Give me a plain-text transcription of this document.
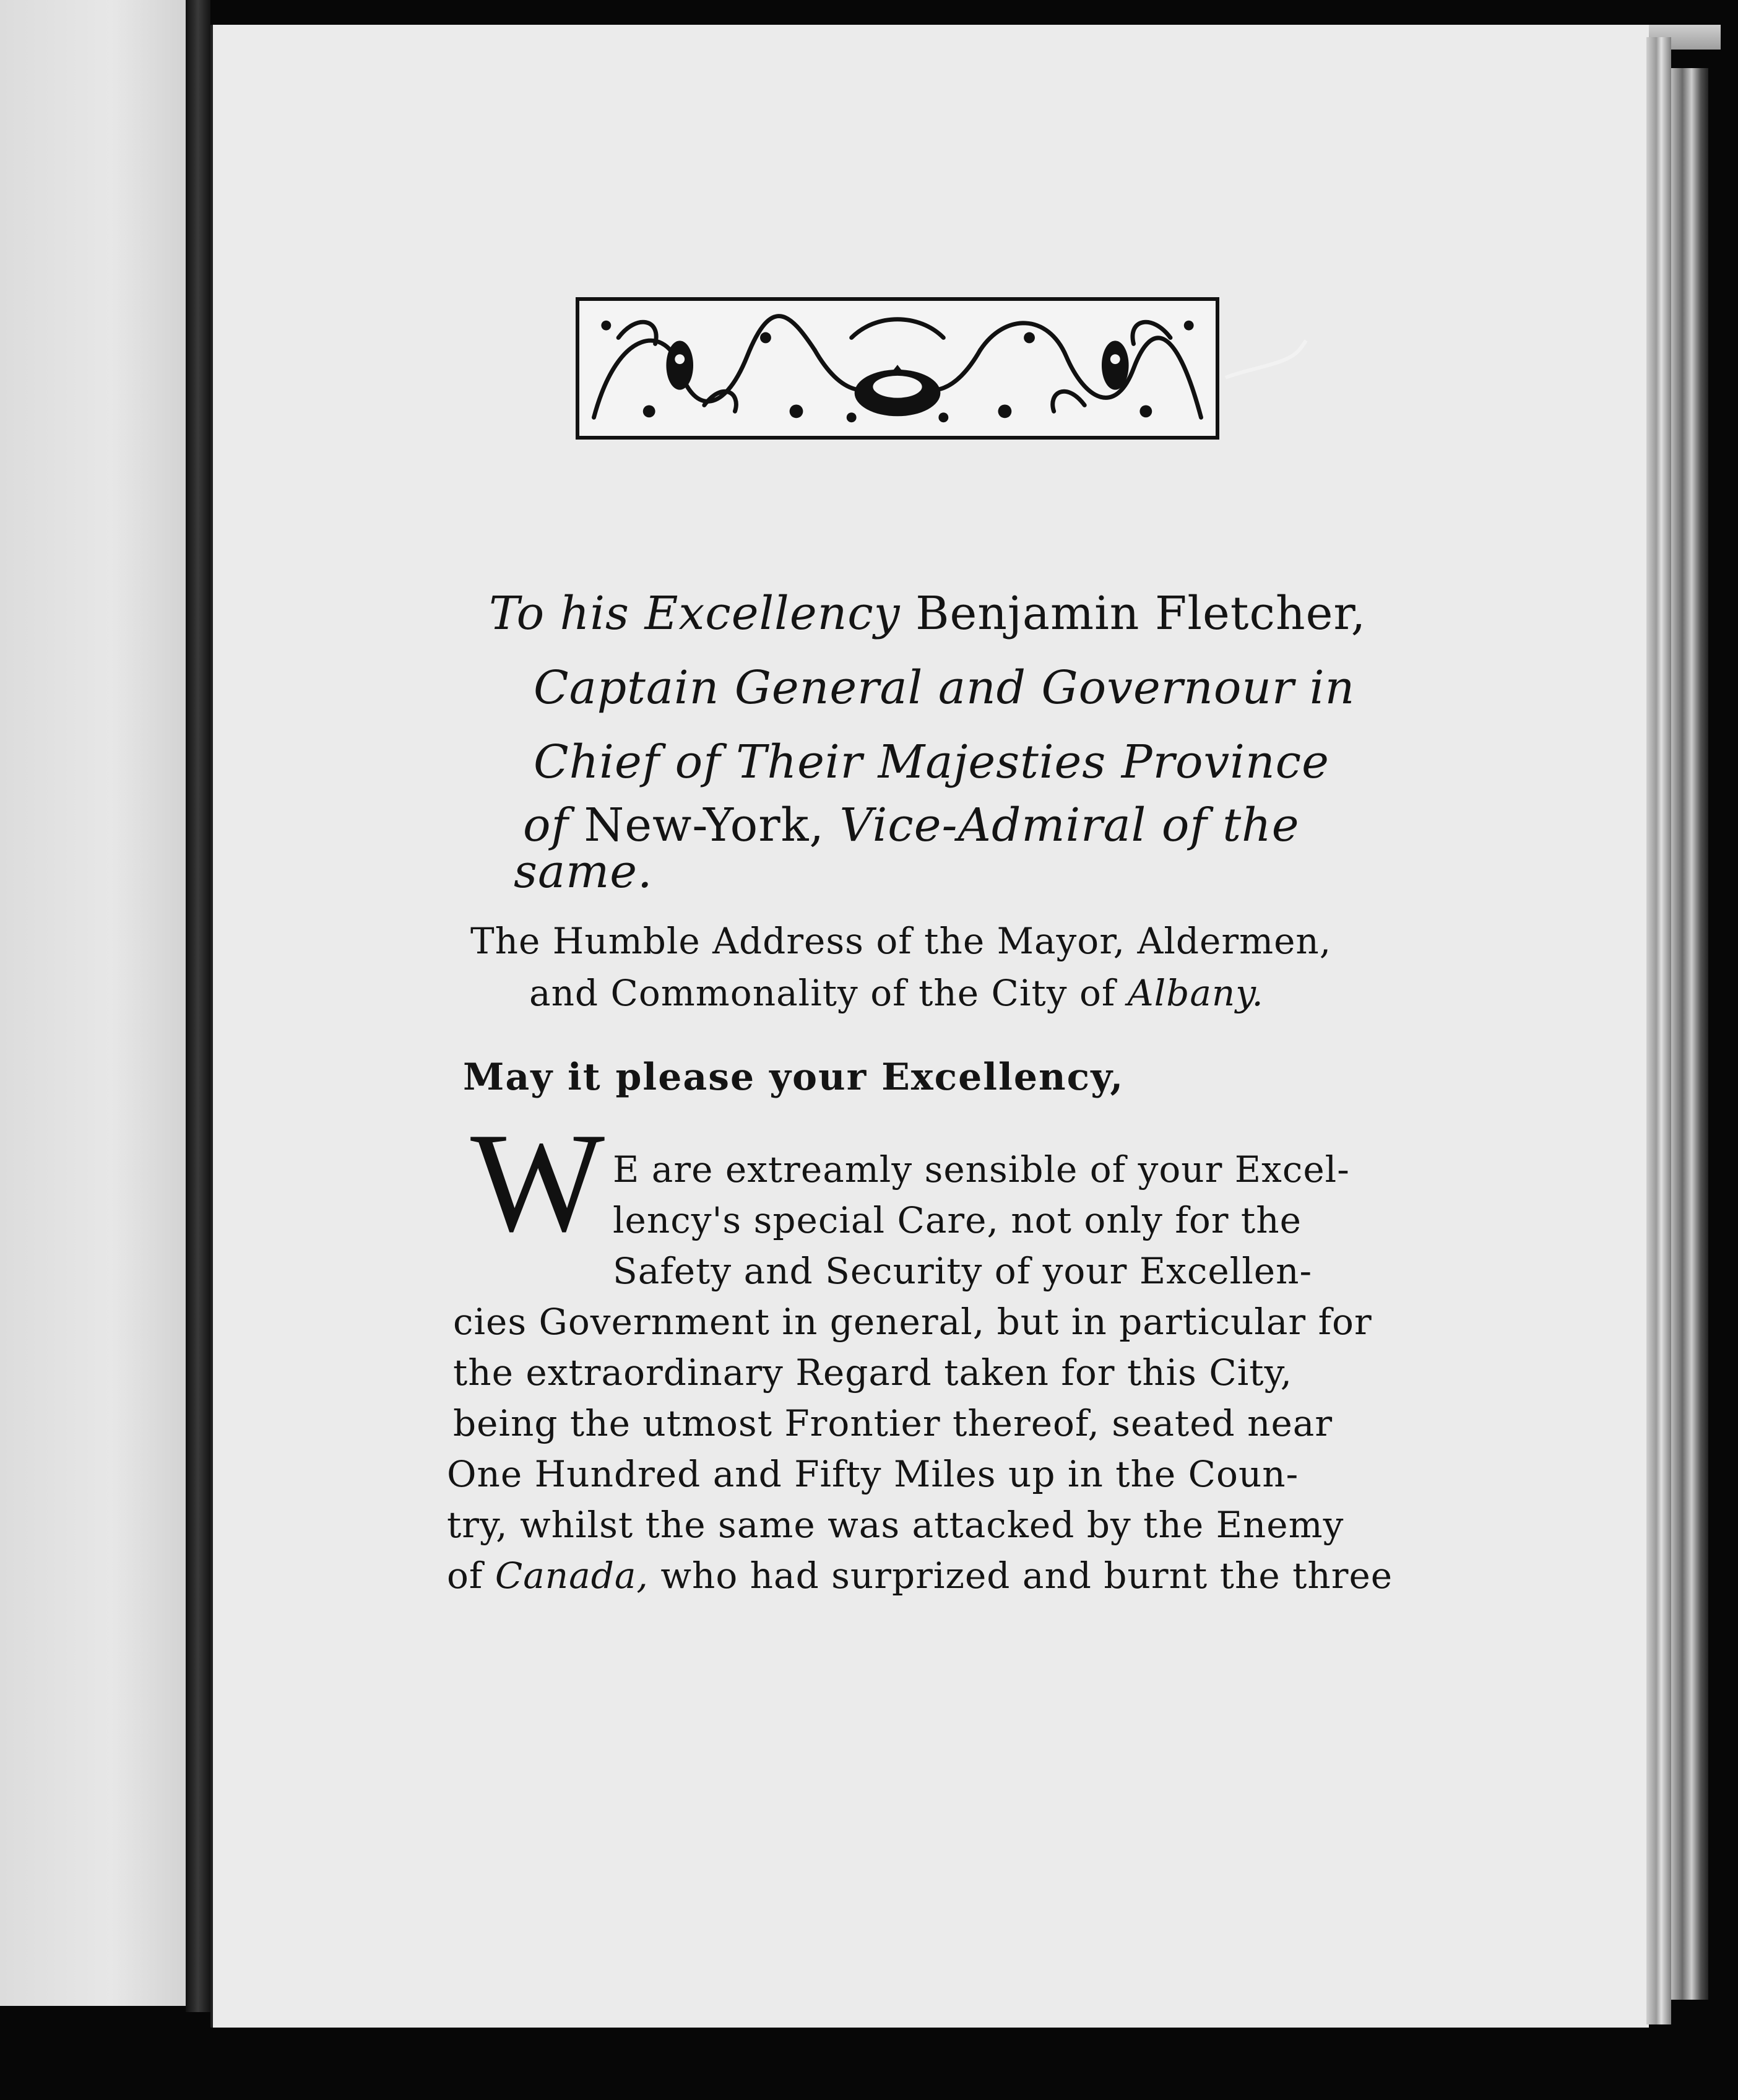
To his Excellency Benjamin Fletcher,
Captain General and Governour in
Chief of Their Majesties Province
of New-York, Vice-Admiral of the
same.
The Humble Address of the Mayor, Aldermen,
and Commonality of the City of Albany.
May it please your Excellency,
W E are extreamly sensible of your Excel-
lency's special Care, not only for the
Safety and Security of your Excellen-
cies Government in general, but in particular for
the extraordinary Regard taken for this City,
being the utmost Frontier thereof, seated near
One Hundred and Fifty Miles up in the Coun-
try, whilst the same was attacked by the Enemy
of Canada, who had surprized and burnt the three
